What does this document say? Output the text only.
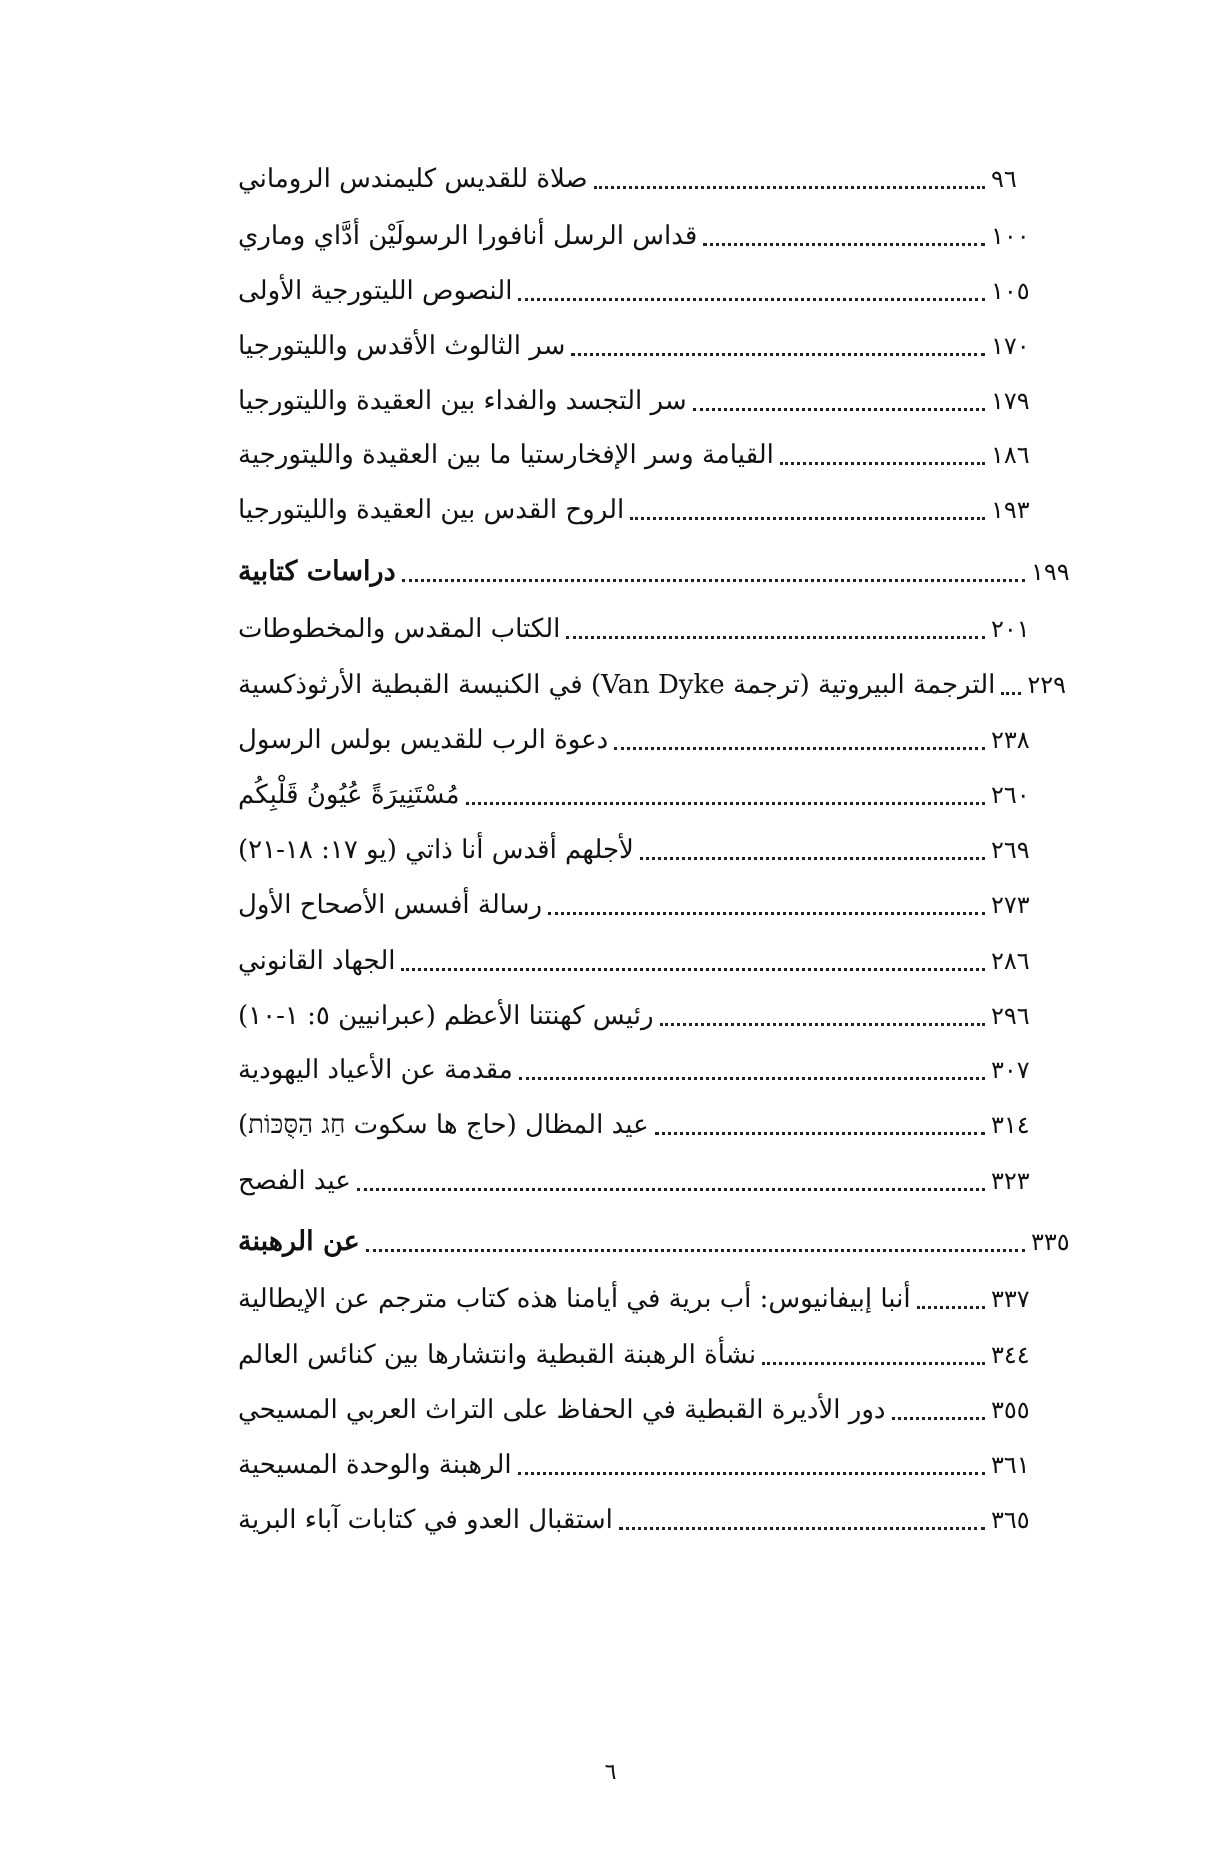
صلاة للقديس كليمندس الروماني	٩٦
قداس الرسل أنافورا الرسولَيْن أدَّاي وماري	١٠٠
النصوص الليتورجية الأولى	١٠٥
سر الثالوث الأقدس والليتورجيا	١٧٠
سر التجسد والفداء بين العقيدة والليتورجيا	١٧٩
القيامة وسر الإفخارستيا ما بين العقيدة والليتورجية	١٨٦
الروح القدس بين العقيدة والليتورجيا	١٩٣
دراسات كتابية	١٩٩
الكتاب المقدس والمخطوطات	٢٠١
الترجمة البيروتية (ترجمة Van Dyke) في الكنيسة القبطية الأرثوذكسية ٢٢٩
دعوة الرب للقديس بولس الرسول	٢٣٨
مُسْتَنِيرَةً عُيُونُ قَلْبِكُم	٢٦٠
لأجلهم أقدس أنا ذاتي (يو ١٧: ١٨-٢١)	٢٦٩
رسالة أفسس الأصحاح الأول	٢٧٣
الجهاد القانوني	٢٨٦
رئيس كهنتنا الأعظم (عبرانيين ٥: ١-١٠)	٢٩٦
مقدمة عن الأعياد اليهودية	٣٠٧
عيد المظال (حاج ها سكوت חַג הַסֻּכּוֹת)	٣١٤
عيد الفصح	٣٢٣
عن الرهبنة	٣٣٥
أنبا إبيفانيوس: أب برية في أيامنا هذه كتاب مترجم عن الإيطالية	٣٣٧
نشأة الرهبنة القبطية وانتشارها بين كنائس العالم	٣٤٤
دور الأديرة القبطية في الحفاظ على التراث العربي المسيحي	٣٥٥
الرهبنة والوحدة المسيحية	٣٦١
استقبال العدو في كتابات آباء البرية	٣٦٥
٦
